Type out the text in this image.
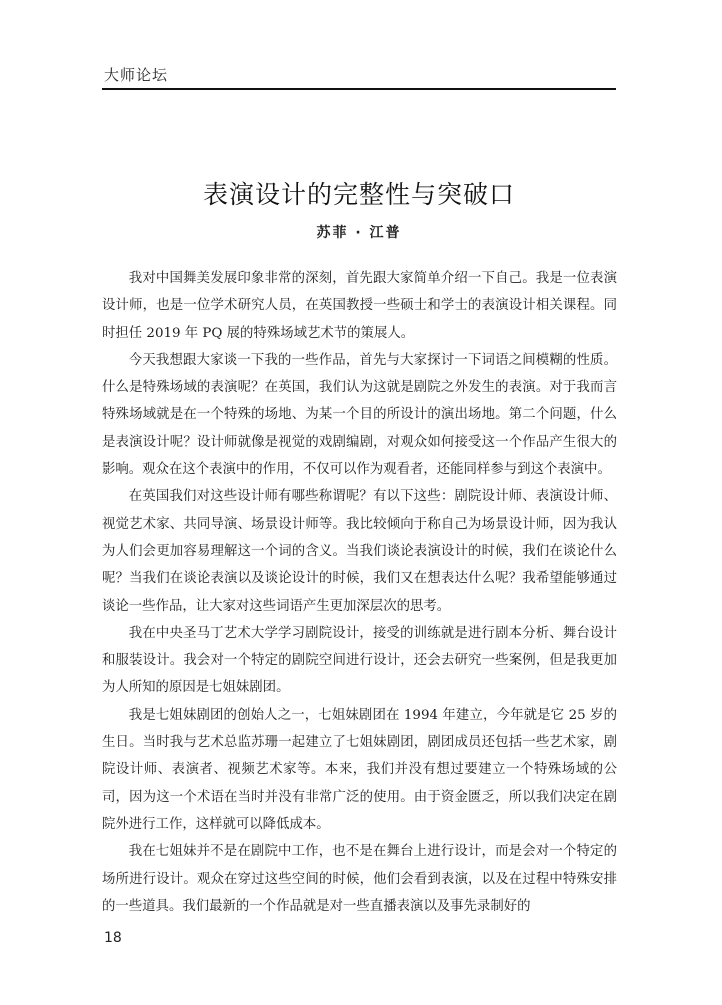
大师论坛
表演设计的完整性与突破口
苏菲 · 江普

我对中国舞美发展印象非常的深刻，首先跟大家简单介绍一下自己。我是一位表演设计师，也是一位学术研究人员，在英国教授一些硕士和学士的表演设计相关课程。同时担任 2019 年 PQ 展的特殊场域艺术节的策展人。

今天我想跟大家谈一下我的一些作品，首先与大家探讨一下词语之间模糊的性质。什么是特殊场域的表演呢？在英国，我们认为这就是剧院之外发生的表演。对于我而言特殊场域就是在一个特殊的场地、为某一个目的所设计的演出场地。第二个问题，什么是表演设计呢？设计师就像是视觉的戏剧编剧，对观众如何接受这一个作品产生很大的影响。观众在这个表演中的作用，不仅可以作为观看者，还能同样参与到这个表演中。

在英国我们对这些设计师有哪些称谓呢？有以下这些：剧院设计师、表演设计师、视觉艺术家、共同导演、场景设计师等。我比较倾向于称自己为场景设计师，因为我认为人们会更加容易理解这一个词的含义。当我们谈论表演设计的时候，我们在谈论什么呢？当我们在谈论表演以及谈论设计的时候，我们又在想表达什么呢？我希望能够通过谈论一些作品，让大家对这些词语产生更加深层次的思考。

我在中央圣马丁艺术大学学习剧院设计，接受的训练就是进行剧本分析、舞台设计和服装设计。我会对一个特定的剧院空间进行设计，还会去研究一些案例，但是我更加为人所知的原因是七姐妹剧团。

我是七姐妹剧团的创始人之一，七姐妹剧团在 1994 年建立，今年就是它 25 岁的生日。当时我与艺术总监苏珊一起建立了七姐妹剧团，剧团成员还包括一些艺术家，剧院设计师、表演者、视频艺术家等。本来，我们并没有想过要建立一个特殊场域的公司，因为这一个术语在当时并没有非常广泛的使用。由于资金匮乏，所以我们决定在剧院外进行工作，这样就可以降低成本。

我在七姐妹并不是在剧院中工作，也不是在舞台上进行设计，而是会对一个特定的场所进行设计。观众在穿过这些空间的时候，他们会看到表演，以及在过程中特殊安排的一些道具。我们最新的一个作品就是对一些直播表演以及事先录制好的

18
